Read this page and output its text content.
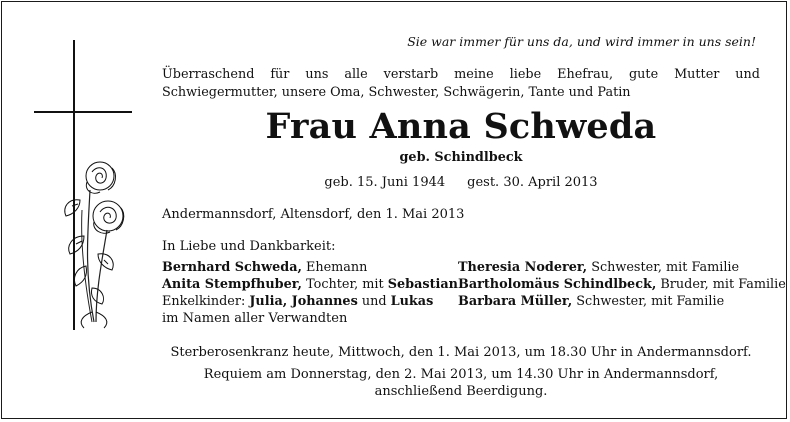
Sie war immer für uns da, und wird immer in uns sein!
Überraschend für uns alle verstarb meine liebe Ehefrau, gute Mutter und Schwiegermutter, unsere Oma, Schwester, Schwägerin, Tante und Patin
Frau Anna Schweda
geb. Schindlbeck
geb. 15. Juni 1944 gest. 30. April 2013
Andermannsdorf, Altensdorf, den 1. Mai 2013
In Liebe und Dankbarkeit:
Bernhard Schweda, Ehemann
Anita Stempfhuber, Tochter, mit Sebastian
Enkelkinder: Julia, Johannes und Lukas
Theresia Noderer, Schwester, mit Familie
Bartholomäus Schindlbeck, Bruder, mit Familie
Barbara Müller, Schwester, mit Familie
im Namen aller Verwandten
Sterberosenkranz heute, Mittwoch, den 1. Mai 2013, um 18.30 Uhr in Andermannsdorf.
Requiem am Donnerstag, den 2. Mai 2013, um 14.30 Uhr in Andermannsdorf,
anschließend Beerdigung.
